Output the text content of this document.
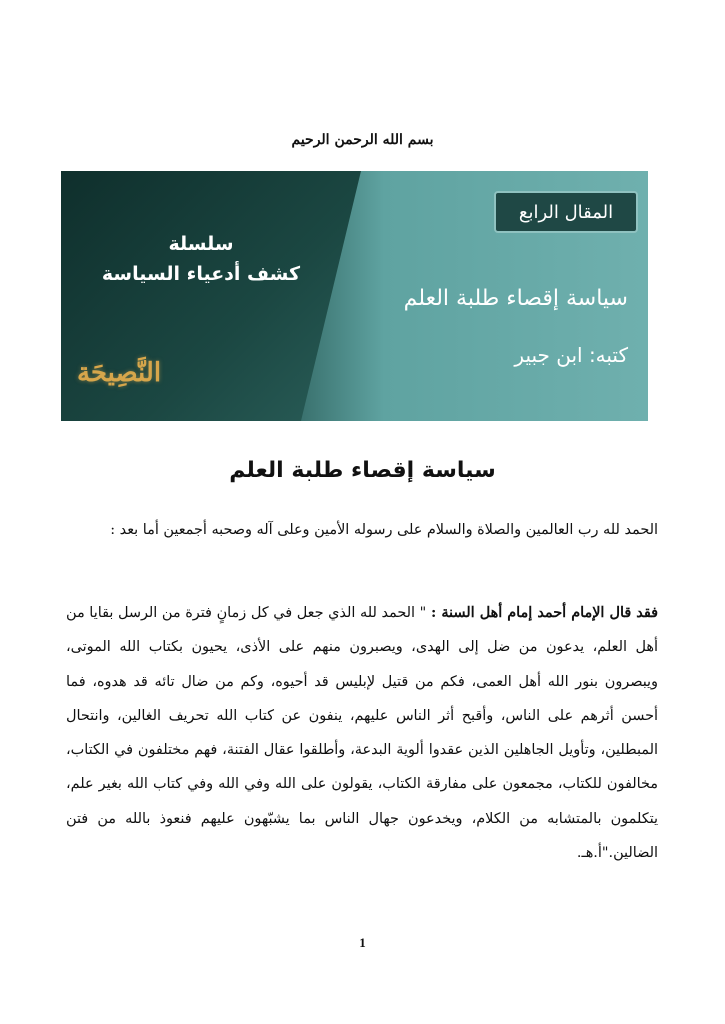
بسم الله الرحمن الرحيم
المقال الرابع
سلسلة
كشف أدعياء السياسة
سياسة إقصاء طلبة العلم
كتبه: ابن جبير
النَّصِيحَة
سياسة إقصاء طلبة العلم
الحمد لله رب العالمين والصلاة والسلام على رسوله الأمين وعلى آله وصحبه أجمعين أما بعد :
فقد قال الإمام أحمد إمام أهل السنة : " الحمد لله الذي جعل في كل زمانٍ فترة من الرسل بقايا من أهل العلم، يدعون من ضل إلى الهدى، ويصبرون منهم على الأذى، يحيون بكتاب الله الموتى، ويبصرون بنور الله أهل العمى، فكم من قتيل لإبليس قد أحيوه، وكم من ضال تائه قد هدوه، فما أحسن أثرهم على الناس، وأقبح أثر الناس عليهم، ينفون عن كتاب الله تحريف الغالين، وانتحال المبطلين، وتأويل الجاهلين الذين عقدوا ألوية البدعة، وأطلقوا عقال الفتنة، فهم مختلفون في الكتاب، مخالفون للكتاب، مجمعون على مفارقة الكتاب، يقولون على الله وفي الله وفي كتاب الله بغير علم، يتكلمون بالمتشابه من الكلام، ويخدعون جهال الناس بما يشبّهون عليهم فنعوذ بالله من فتن الضالين."أ.هـ.
1
